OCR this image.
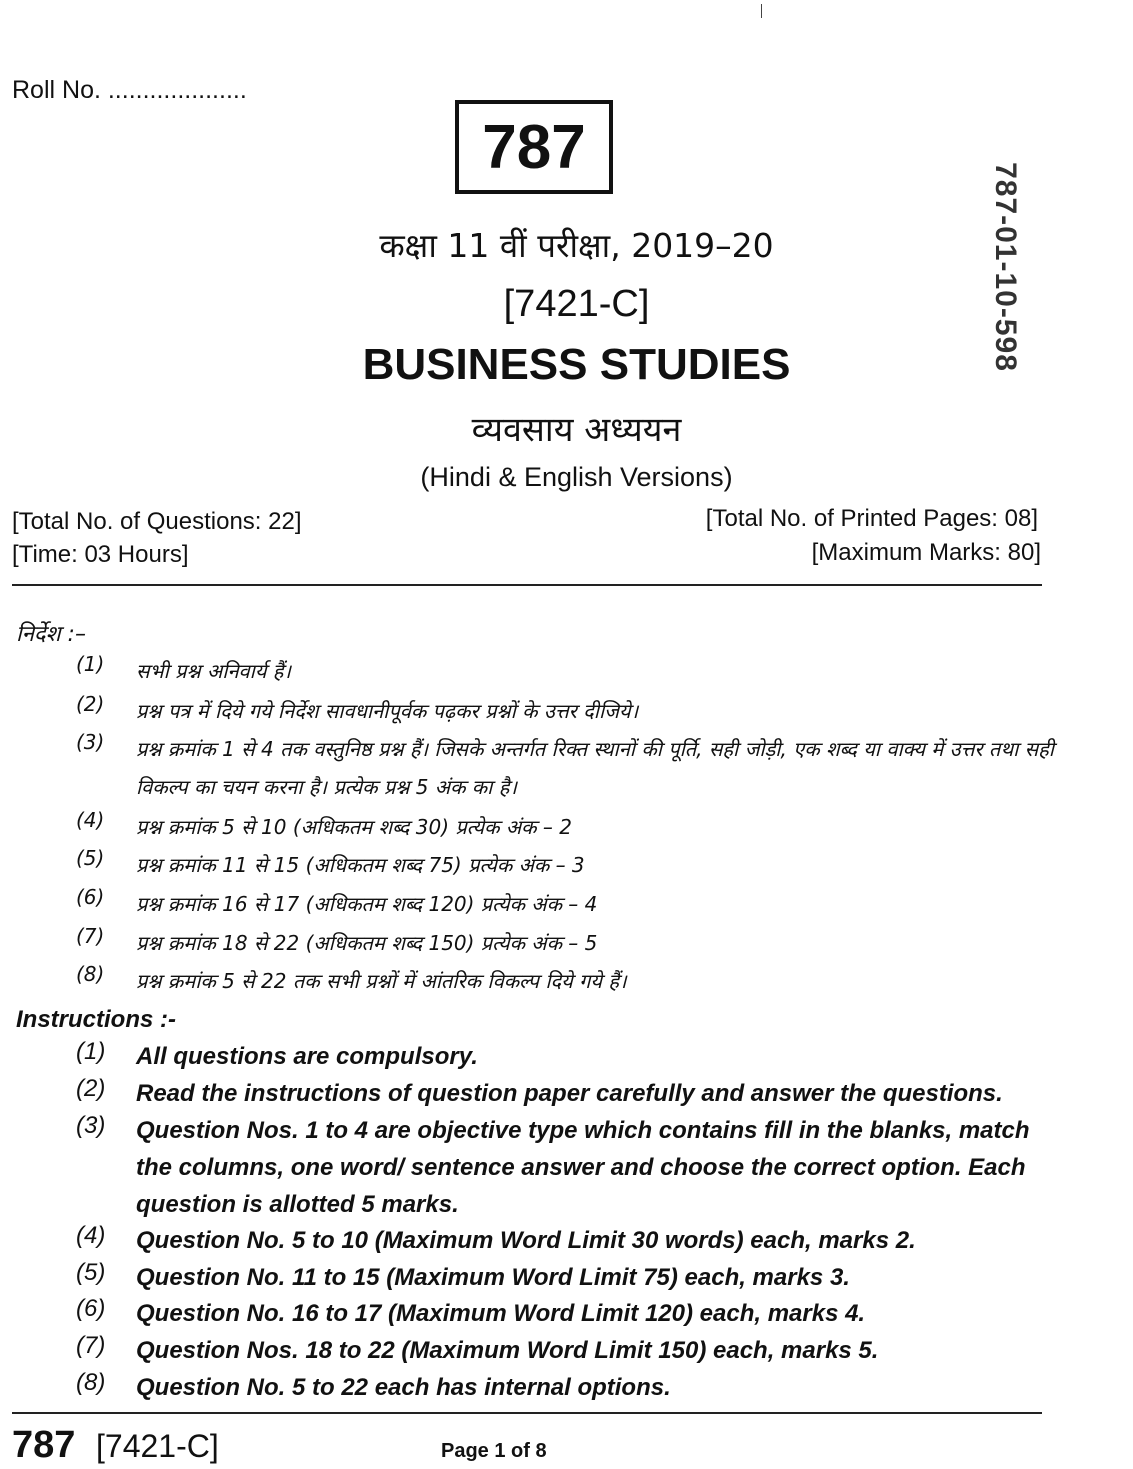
Roll No. ....................
787
787-01-10-598
कक्षा 11 वीं परीक्षा, 2019–20
[7421-C]
BUSINESS STUDIES
व्यवसाय अध्ययन
(Hindi & English Versions)
[Total No. of Questions: 22]
[Time: 03 Hours]
[Total No. of Printed Pages: 08]
[Maximum Marks: 80]
निर्देश :–
(1) सभी प्रश्न अनिवार्य हैं।
(2) प्रश्न पत्र में दिये गये निर्देश सावधानीपूर्वक पढ़कर प्रश्नों के उत्तर दीजिये।
(3) प्रश्न क्रमांक 1 से 4 तक वस्तुनिष्ठ प्रश्न हैं। जिसके अन्तर्गत रिक्त स्थानों की पूर्ति, सही जोड़ी, एक शब्द या वाक्य में उत्तर तथा सही विकल्प का चयन करना है। प्रत्येक प्रश्न 5 अंक का है।
(4) प्रश्न क्रमांक 5 से 10 (अधिकतम शब्द 30) प्रत्येक अंक – 2
(5) प्रश्न क्रमांक 11 से 15 (अधिकतम शब्द 75) प्रत्येक अंक – 3
(6) प्रश्न क्रमांक 16 से 17 (अधिकतम शब्द 120) प्रत्येक अंक – 4
(7) प्रश्न क्रमांक 18 से 22 (अधिकतम शब्द 150) प्रत्येक अंक – 5
(8) प्रश्न क्रमांक 5 से 22 तक सभी प्रश्नों में आंतरिक विकल्प दिये गये हैं।
Instructions :-
(1) All questions are compulsory.
(2) Read the instructions of question paper carefully and answer the questions.
(3) Question Nos. 1 to 4 are objective type which contains fill in the blanks, match the columns, one word/ sentence answer and choose the correct option. Each question is allotted 5 marks.
(4) Question No. 5 to 10 (Maximum Word Limit 30 words) each, marks 2.
(5) Question No. 11 to 15 (Maximum Word Limit 75) each, marks 3.
(6) Question No. 16 to 17 (Maximum Word Limit 120) each, marks 4.
(7) Question Nos. 18 to 22 (Maximum Word Limit 150) each, marks 5.
(8) Question No. 5 to 22 each has internal options.
787 [7421-C]	Page 1 of 8
